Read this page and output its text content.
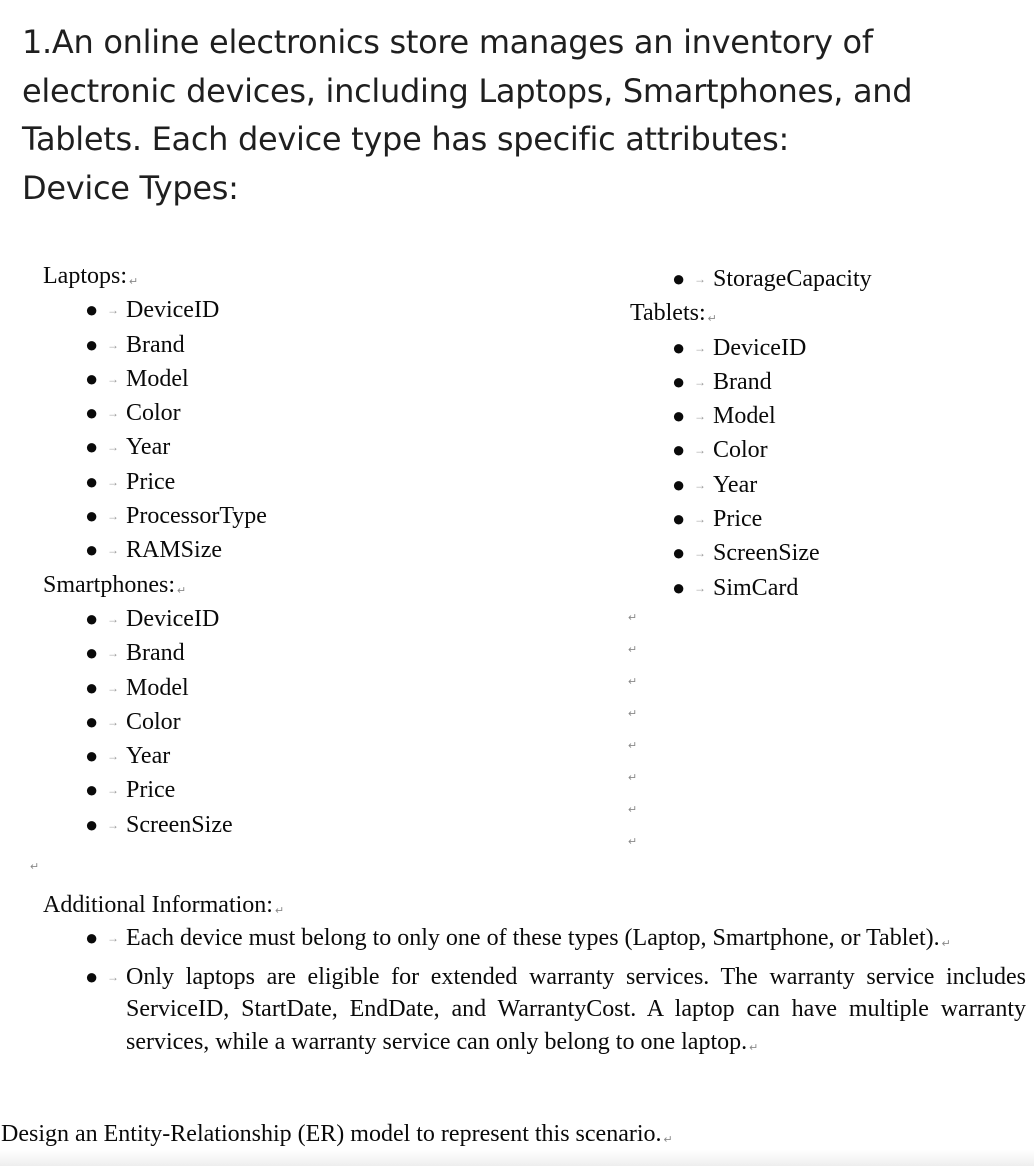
1.An online electronics store manages an inventory of electronic devices, including Laptops, Smartphones, and Tablets. Each device type has specific attributes:

Device Types:

Laptops: ↵
● → DeviceID
● → Brand
● → Model
● → Color
● → Year
● → Price
● → ProcessorType
● → RAMSize
Smartphones: ↵
● → DeviceID
● → Brand
● → Model
● → Color
● → Year
● → Price
● → ScreenSize
● → StorageCapacity
Tablets: ↵
● → DeviceID
● → Brand
● → Model
● → Color
● → Year
● → Price
● → ScreenSize
● → SimCard
↵
↵
↵
↵
↵
↵
↵
↵
↵
Additional Information: ↵
● → Each device must belong to only one of these types (Laptop, Smartphone, or Tablet). ↵
● → Only laptops are eligible for extended warranty services. The warranty service includes ServiceID, StartDate, EndDate, and WarrantyCost. A laptop can have multiple warranty services, while a warranty service can only belong to one laptop. ↵
Design an Entity-Relationship (ER) model to represent this scenario. ↵
